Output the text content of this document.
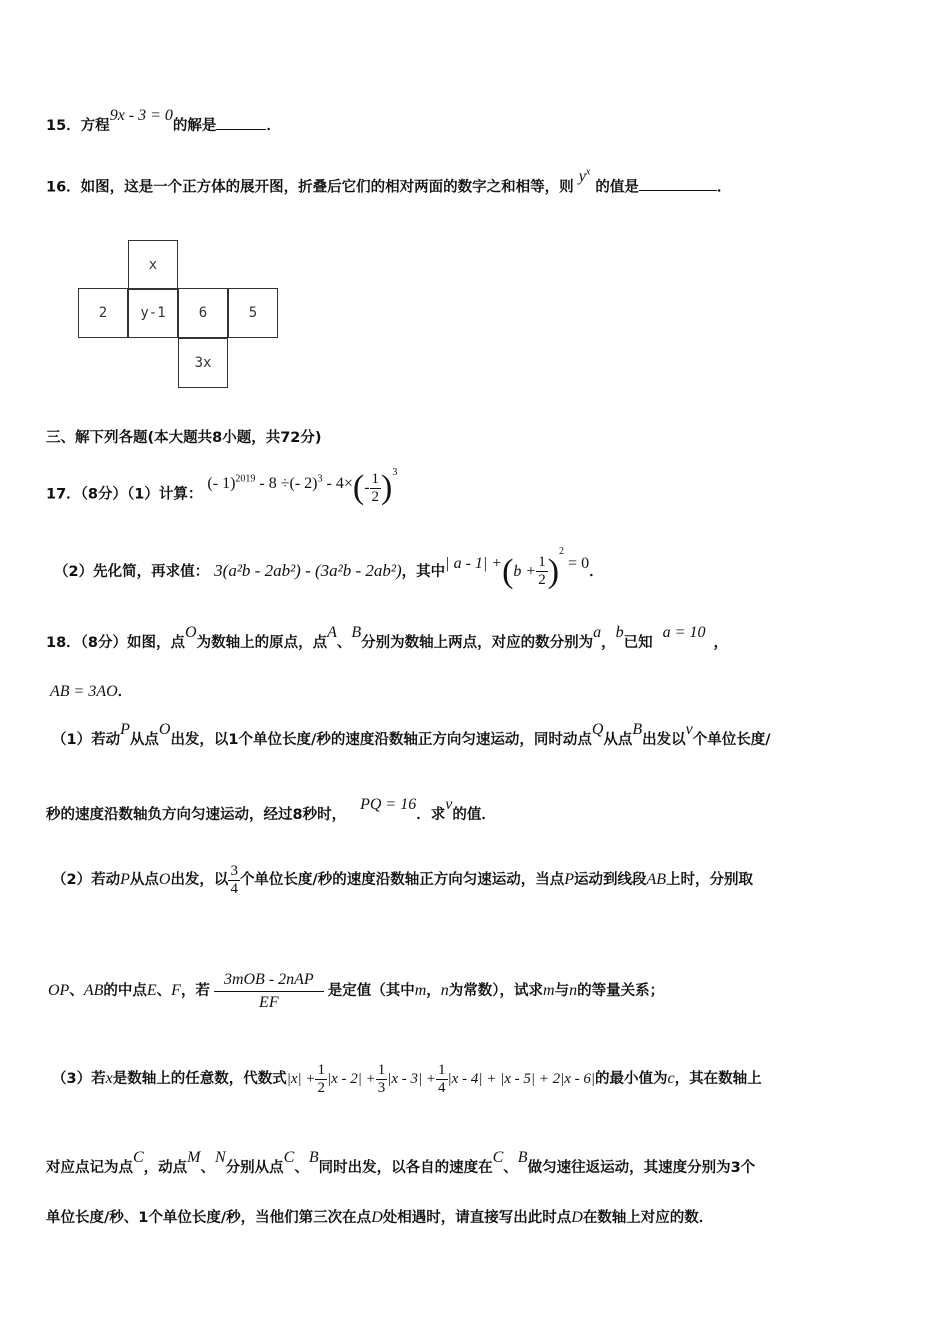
15．方程9x - 3 = 0的解是	．
16．如图，这是一个正方体的展开图，折叠后它们的相对两面的数字之和相等，则 $y^x$ 的值是	．
x
2	y-1	6	5
3x
三、解下列各题(本大题共8小题，共72分)
17．（8分）（1）计算： (- 1)$^{2019}$ - 8 ÷(- $2)^3 - 4\times(- \frac{1}{2} )^3$
（2）先化简，再求值： 3(a²b - 2ab²) - (3a²b - 2ab²)，其中| $a - 1| +(b + \frac{1}{2} )^2 = 0$．
18．（8分）如图，点O为数轴上的原点，点A、B分别为数轴上两点，对应的数分别为a，b已知a = 10，
AB = 3AO．
（1）若动P从点O出发，以1个单位长度/秒的速度沿数轴正方向匀速运动，同时动点Q从点B出发以v个单位长度/
秒的速度沿数轴负方向匀速运动，经过8秒时，PQ = 16．求v的值．
（2）若动P从点O出发，以 $\frac{3}{4}$ 个单位长度/秒的速度沿数轴正方向匀速运动，当点P运动到线段AB上时，分别取
OP、AB的中点E、F，若 $\frac{\text{3mOB - 2nAP}}{EF}$ 是定值（其中m，n为常数），试求m与n的等量关系；
（3）若x是数轴上的任意数，代数式$|x| + \frac{1}{2} |x - 2| + \frac{1}{3} |x - 3| + \frac{1}{4} |x - 4| + |x - 5| + 2|x - 6|$的最小值为c，其在数轴上
对应点记为点C，动点M、N分别从点C、B同时出发，以各自的速度在C、B做匀速往返运动，其速度分别为3个
单位长度/秒、1个单位长度/秒，当他们第三次在点D处相遇时，请直接写出此时点D在数轴上对应的数．
